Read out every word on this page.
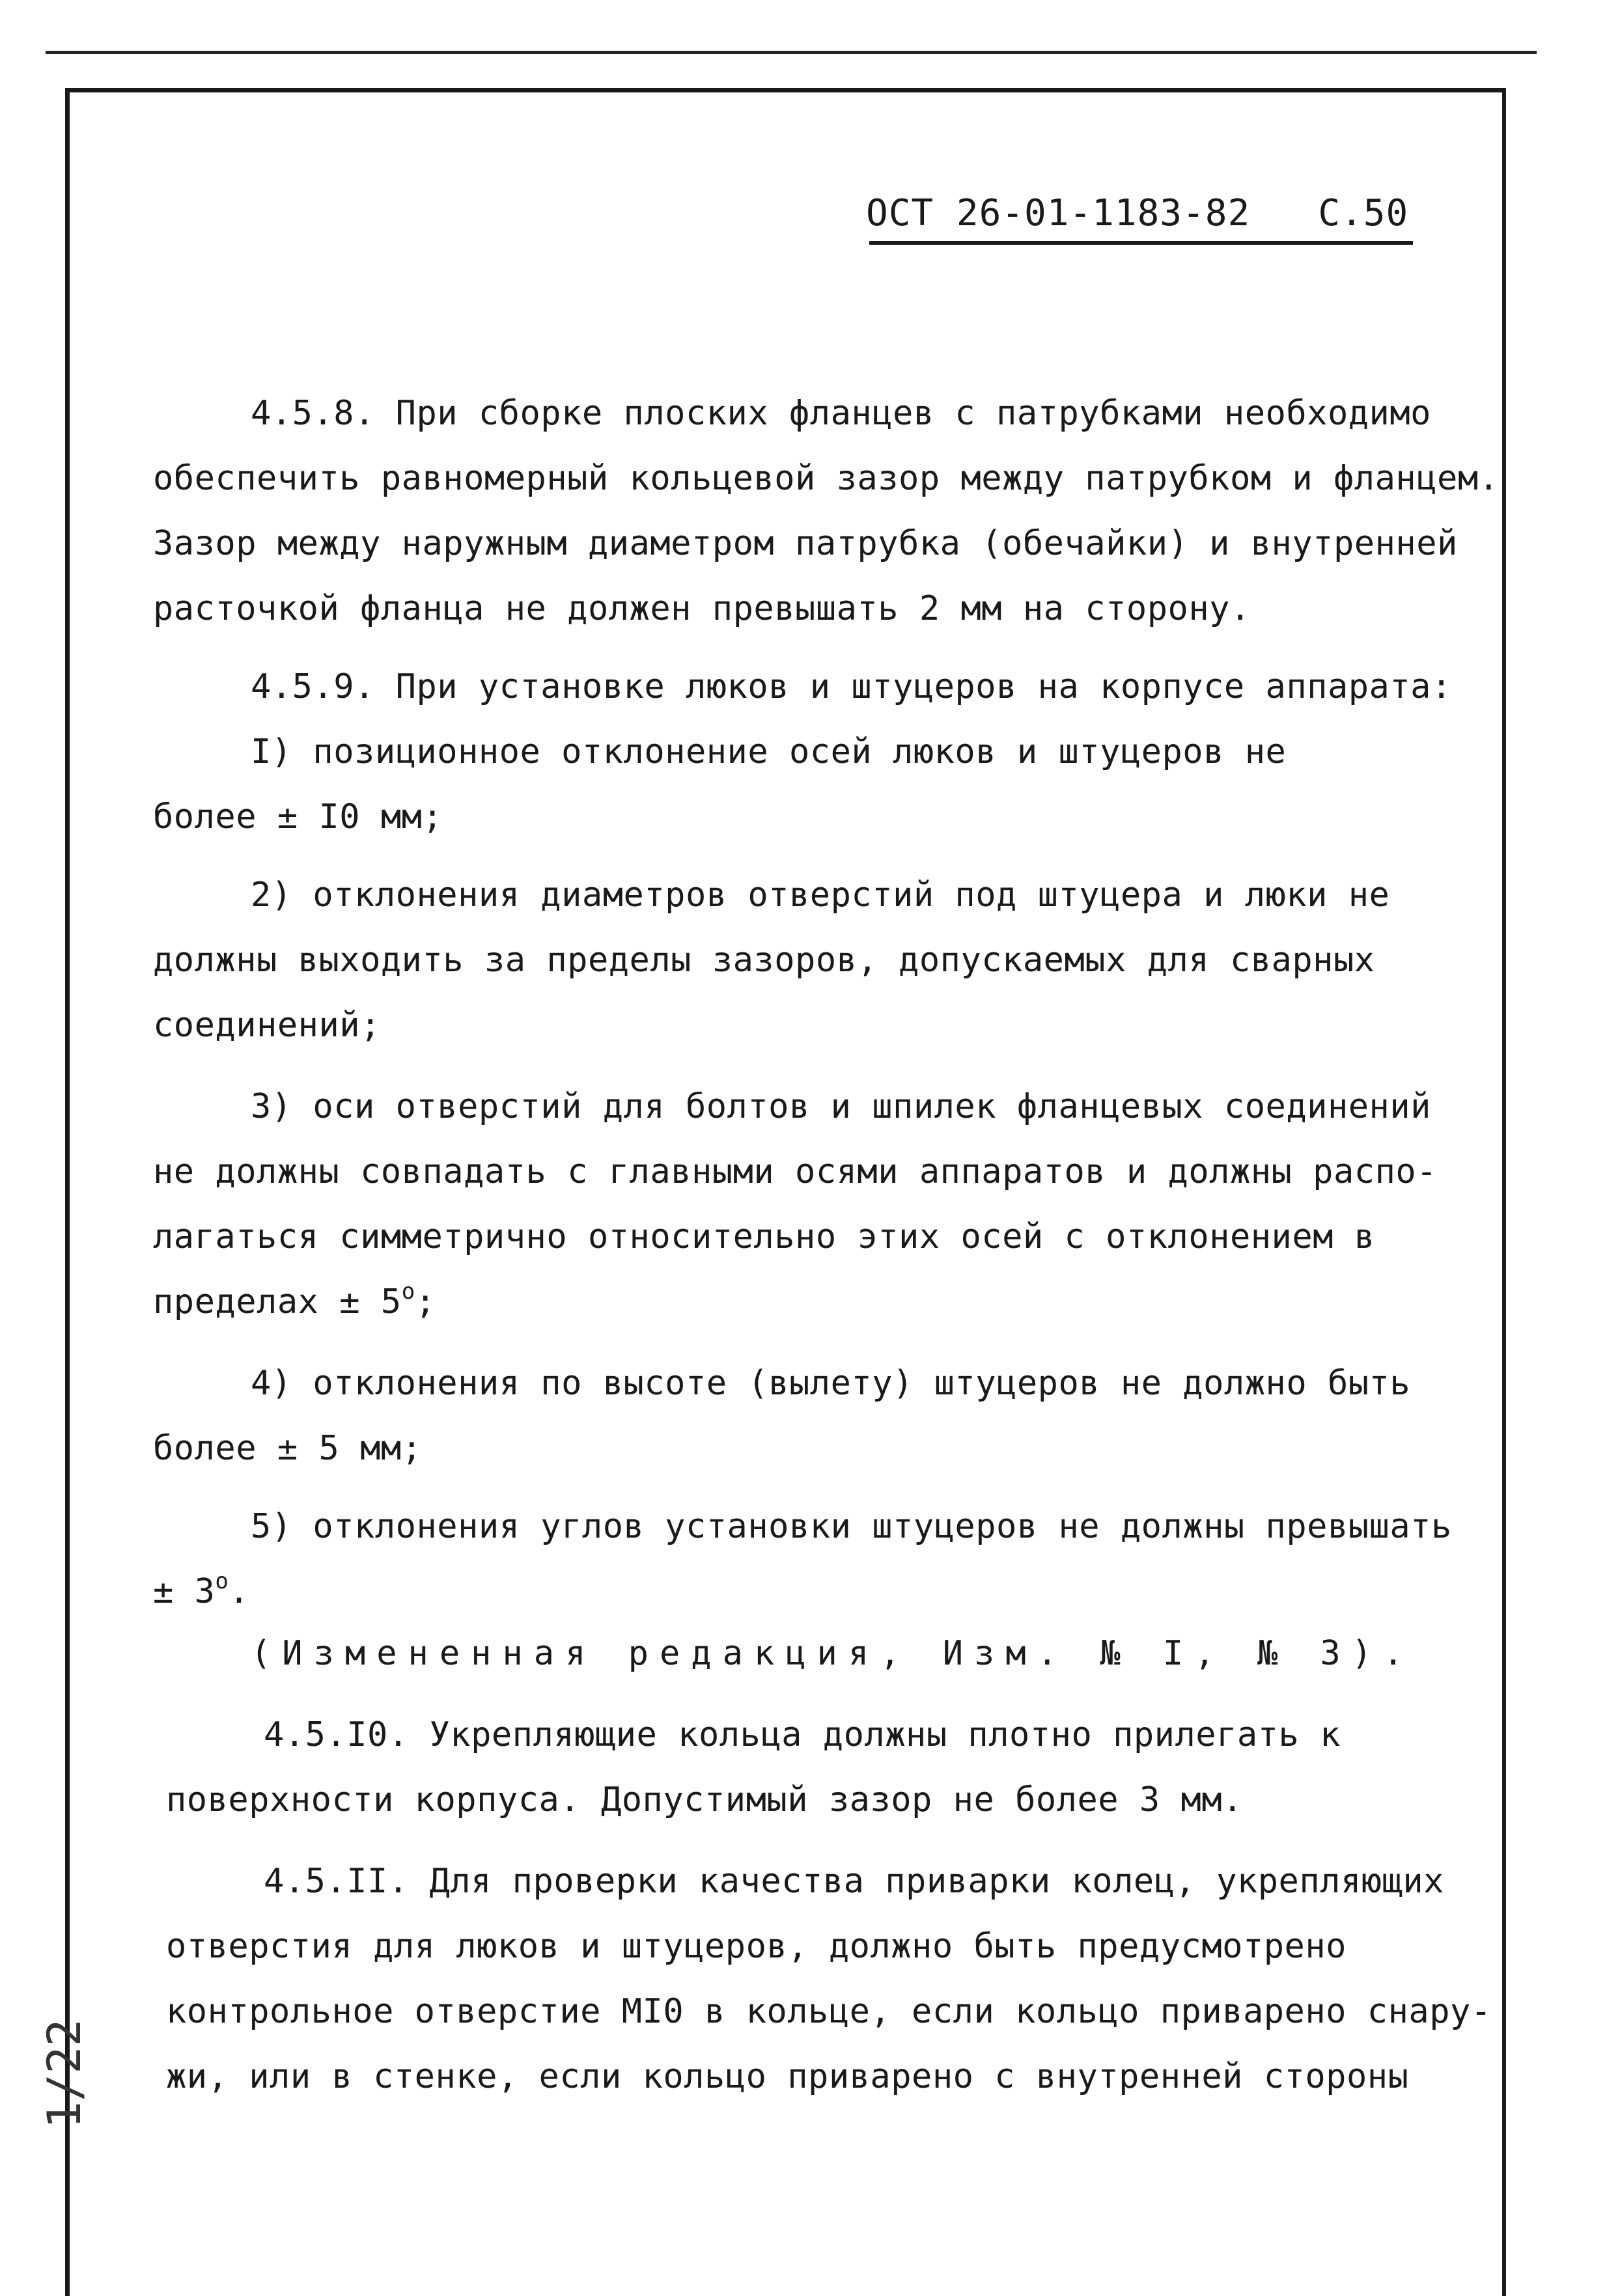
1/22
ОСТ 26-01-1183-82 С.50
4.5.8. При сборке плоских фланцев с патрубками необходимо
обеспечить равномерный кольцевой зазор между патрубком и фланцем.
Зазор между наружным диаметром патрубка (обечайки) и внутренней
расточкой фланца не должен превышать 2 мм на сторону.
4.5.9. При установке люков и штуцеров на корпусе аппарата:
I) позиционное отклонение осей люков и штуцеров не
более ± I0 мм;
2) отклонения диаметров отверстий под штуцера и люки не
должны выходить за пределы зазоров, допускаемых для сварных
соединений;
3) оси отверстий для болтов и шпилек фланцевых соединений
не должны совпадать с главными осями аппаратов и должны распо-
лагаться симметрично относительно этих осей с отклонением в
пределах ± $5^о$;
4) отклонения по высоте (вылету) штуцеров не должно быть
более ± 5 мм;
5) отклонения углов установки штуцеров не должны превышать
± $3^о$.
(Измененная редакция, Изм. № I, № 3).
4.5.I0. Укрепляющие кольца должны плотно прилегать к
поверхности корпуса. Допустимый зазор не более 3 мм.
4.5.II. Для проверки качества приварки колец, укрепляющих
отверстия для люков и штуцеров, должно быть предусмотрено
контрольное отверстие МI0 в кольце, если кольцо приварено снару-
жи, или в стенке, если кольцо приварено с внутренней стороны
